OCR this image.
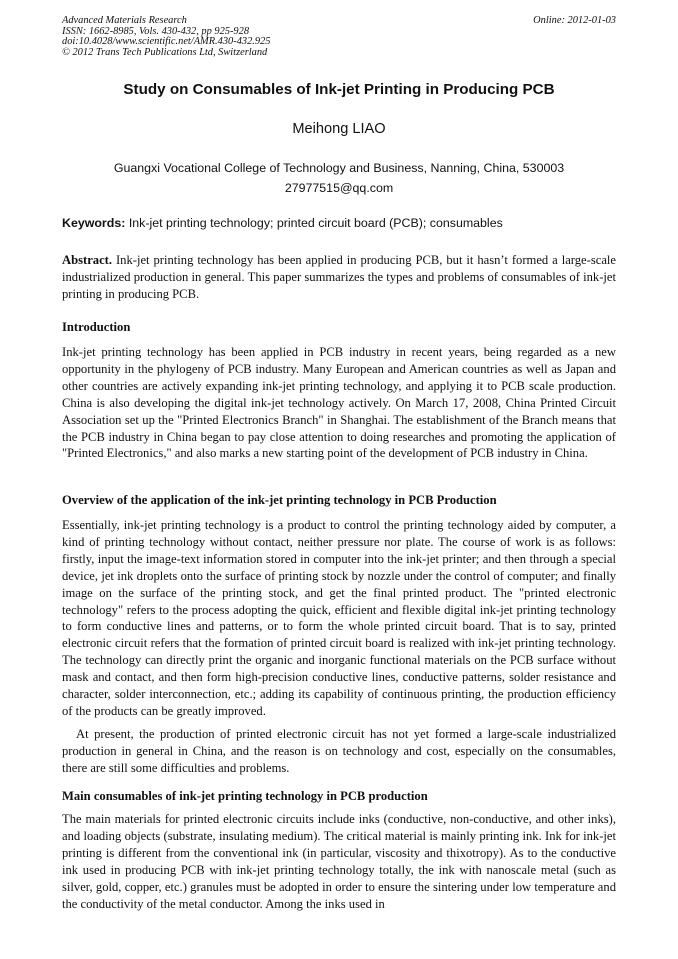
Advanced Materials Research
ISSN: 1662-8985, Vols. 430-432, pp 925-928
doi:10.4028/www.scientific.net/AMR.430-432.925
© 2012 Trans Tech Publications Ltd, Switzerland
Online: 2012-01-03
Study on Consumables of Ink-jet Printing in Producing PCB
Meihong LIAO
Guangxi Vocational College of Technology and Business, Nanning, China, 530003
27977515@qq.com
Keywords: Ink-jet printing technology; printed circuit board (PCB); consumables
Abstract. Ink-jet printing technology has been applied in producing PCB, but it hasn’t formed a large-scale industrialized production in general. This paper summarizes the types and problems of consumables of ink-jet printing in producing PCB.
Introduction
Ink-jet printing technology has been applied in PCB industry in recent years, being regarded as a new opportunity in the phylogeny of PCB industry. Many European and American countries as well as Japan and other countries are actively expanding ink-jet printing technology, and applying it to PCB scale production. China is also developing the digital ink-jet technology actively. On March 17, 2008, China Printed Circuit Association set up the "Printed Electronics Branch" in Shanghai. The establishment of the Branch means that the PCB industry in China began to pay close attention to doing researches and promoting the application of "Printed Electronics," and also marks a new starting point of the development of PCB industry in China.
Overview of the application of the ink-jet printing technology in PCB Production
Essentially, ink-jet printing technology is a product to control the printing technology aided by computer, a kind of printing technology without contact, neither pressure nor plate. The course of work is as follows: firstly, input the image-text information stored in computer into the ink-jet printer; and then through a special device, jet ink droplets onto the surface of printing stock by nozzle under the control of computer; and finally image on the surface of the printing stock, and get the final printed product. The "printed electronic technology" refers to the process adopting the quick, efficient and flexible digital ink-jet printing technology to form conductive lines and patterns, or to form the whole printed circuit board. That is to say, printed electronic circuit refers that the formation of printed circuit board is realized with ink-jet printing technology. The technology can directly print the organic and inorganic functional materials on the PCB surface without mask and contact, and then form high-precision conductive lines, conductive patterns, solder resistance and character, solder interconnection, etc.; adding its capability of continuous printing, the production efficiency of the products can be greatly improved.
At present, the production of printed electronic circuit has not yet formed a large-scale industrialized production in general in China, and the reason is on technology and cost, especially on the consumables, there are still some difficulties and problems.
Main consumables of ink-jet printing technology in PCB production
The main materials for printed electronic circuits include inks (conductive, non-conductive, and other inks), and loading objects (substrate, insulating medium). The critical material is mainly printing ink. Ink for ink-jet printing is different from the conventional ink (in particular, viscosity and thixotropy). As to the conductive ink used in producing PCB with ink-jet printing technology totally, the ink with nanoscale metal (such as silver, gold, copper, etc.) granules must be adopted in order to ensure the sintering under low temperature and the conductivity of the metal conductor. Among the inks used in
